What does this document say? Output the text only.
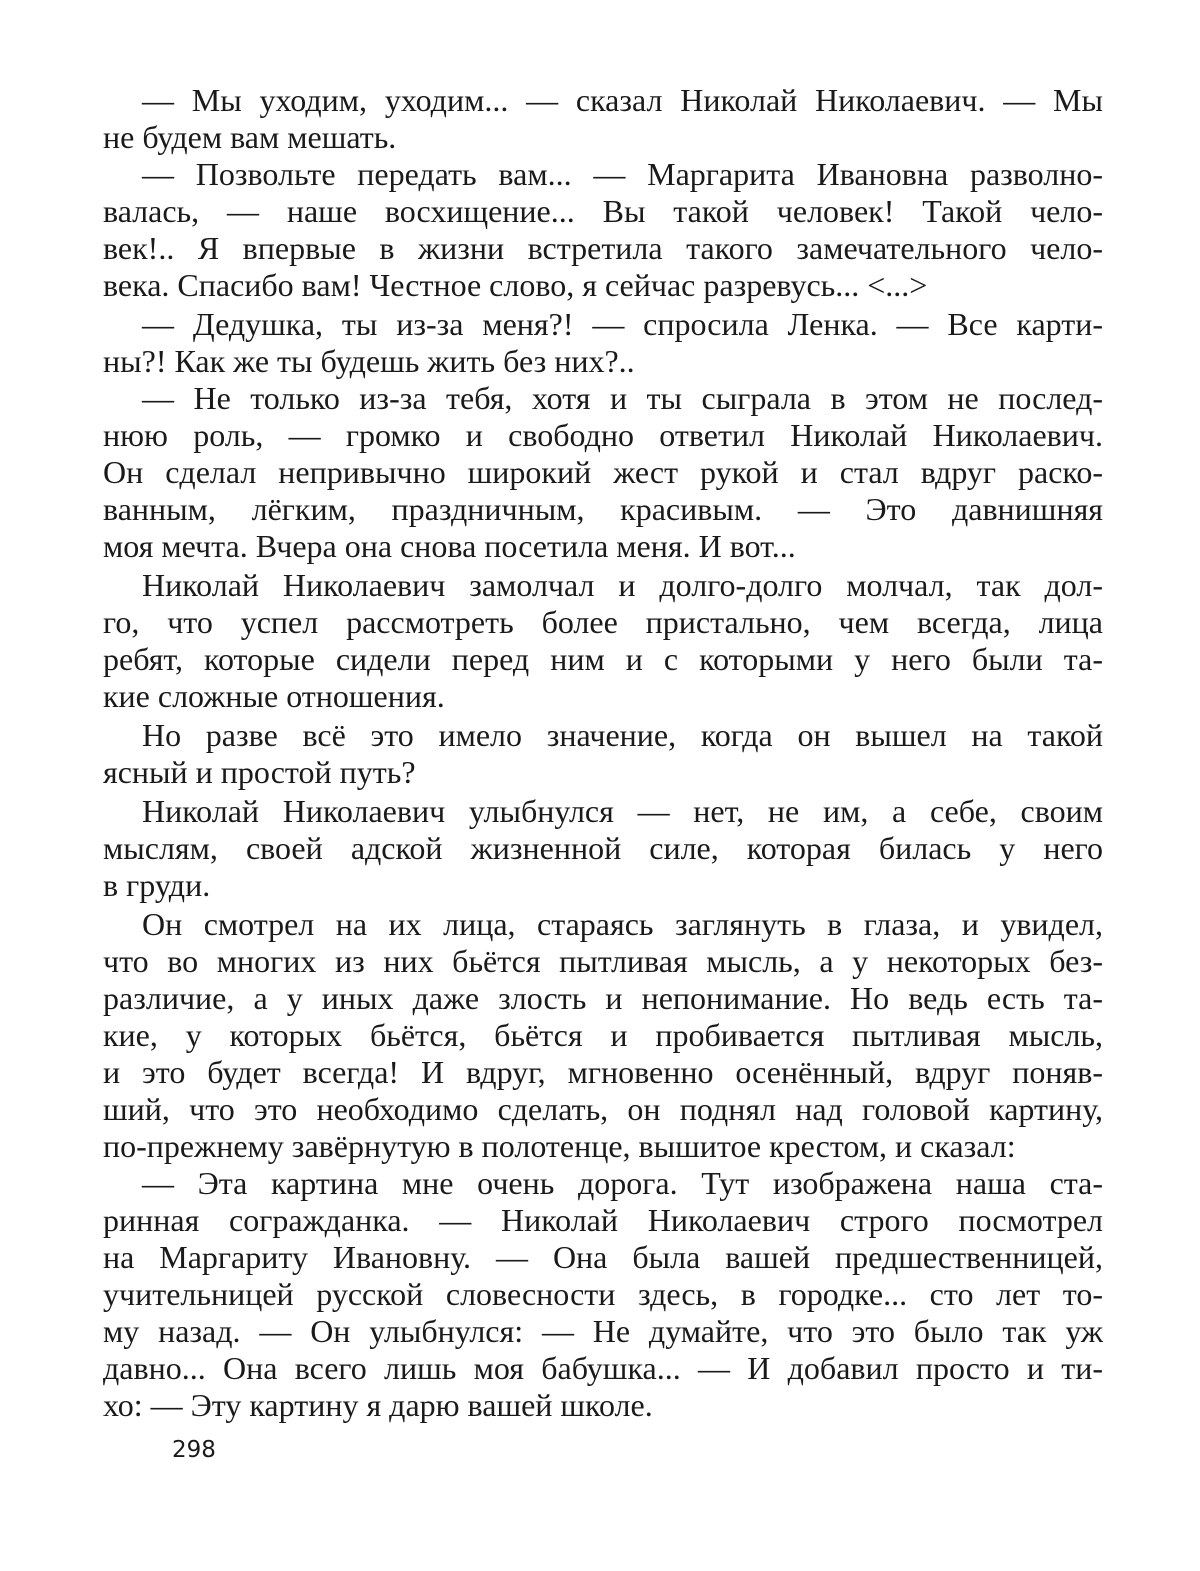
— Мы уходим, уходим... — сказал Николай Николаевич. — Мы
не будем вам мешать.
— Позвольте передать вам... — Маргарита Ивановна разволно-
валась, — наше восхищение... Вы такой человек! Такой чело-
век!.. Я впервые в жизни встретила такого замечательного чело-
века. Спасибо вам! Честное слово, я сейчас разревусь... <...>
— Дедушка, ты из-за меня?! — спросила Ленка. — Все карти-
ны?! Как же ты будешь жить без них?..
— Не только из-за тебя, хотя и ты сыграла в этом не послед-
нюю роль, — громко и свободно ответил Николай Николаевич.
Он сделал непривычно широкий жест рукой и стал вдруг раско-
ванным, лёгким, праздничным, красивым. — Это давнишняя
моя мечта. Вчера она снова посетила меня. И вот...
Николай Николаевич замолчал и долго-долго молчал, так дол-
го, что успел рассмотреть более пристально, чем всегда, лица
ребят, которые сидели перед ним и с которыми у него были та-
кие сложные отношения.
Но разве всё это имело значение, когда он вышел на такой
ясный и простой путь?
Николай Николаевич улыбнулся — нет, не им, а себе, своим
мыслям, своей адской жизненной силе, которая билась у него
в груди.
Он смотрел на их лица, стараясь заглянуть в глаза, и увидел,
что во многих из них бьётся пытливая мысль, а у некоторых без-
различие, а у иных даже злость и непонимание. Но ведь есть та-
кие, у которых бьётся, бьётся и пробивается пытливая мысль,
и это будет всегда! И вдруг, мгновенно осенённый, вдруг поняв-
ший, что это необходимо сделать, он поднял над головой картину,
по-прежнему завёрнутую в полотенце, вышитое крестом, и сказал:
— Эта картина мне очень дорога. Тут изображена наша ста-
ринная согражданка. — Николай Николаевич строго посмотрел
на Маргариту Ивановну. — Она была вашей предшественницей,
учительницей русской словесности здесь, в городке... сто лет то-
му назад. — Он улыбнулся: — Не думайте, что это было так уж
давно... Она всего лишь моя бабушка... — И добавил просто и ти-
хо: — Эту картину я дарю вашей школе.
298
